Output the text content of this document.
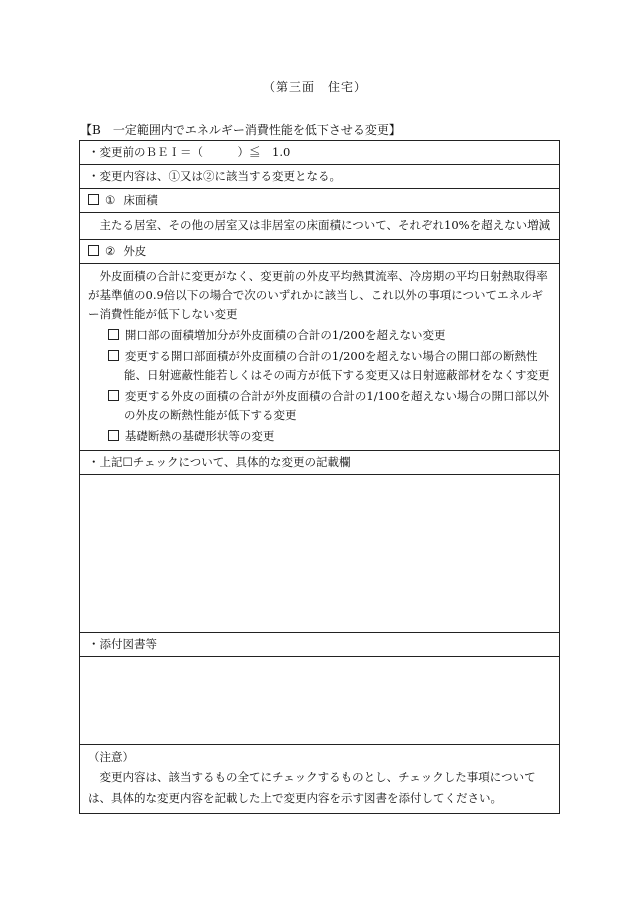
（第三面　住宅）
【B　一定範囲内でエネルギー消費性能を低下させる変更】
・変更前のＢＥＩ＝（　　　）≦　1.0
・変更内容は、①又は②に該当する変更となる。
① 床面積
主たる居室、その他の居室又は非居室の床面積について、それぞれ10%を超えない増減
② 外皮
外皮面積の合計に変更がなく、変更前の外皮平均熱貫流率、冷房期の平均日射熱取得率が基準値の0.9倍以下の場合で次のいずれかに該当し、これ以外の事項についてエネルギー消費性能が低下しない変更
開口部の面積増加分が外皮面積の合計の1/200を超えない変更
変更する開口部面積が外皮面積の合計の1/200を超えない場合の開口部の断熱性能、日射遮蔽性能若しくはその両方が低下する変更又は日射遮蔽部材をなくす変更
変更する外皮の面積の合計が外皮面積の合計の1/100を超えない場合の開口部以外の外皮の断熱性能が低下する変更
基礎断熱の基礎形状等の変更
・上記☐チェックについて、具体的な変更の記載欄
・添付図書等
（注意）
変更内容は、該当するもの全てにチェックするものとし、チェックした事項については、具体的な変更内容を記載した上で変更内容を示す図書を添付してください。
